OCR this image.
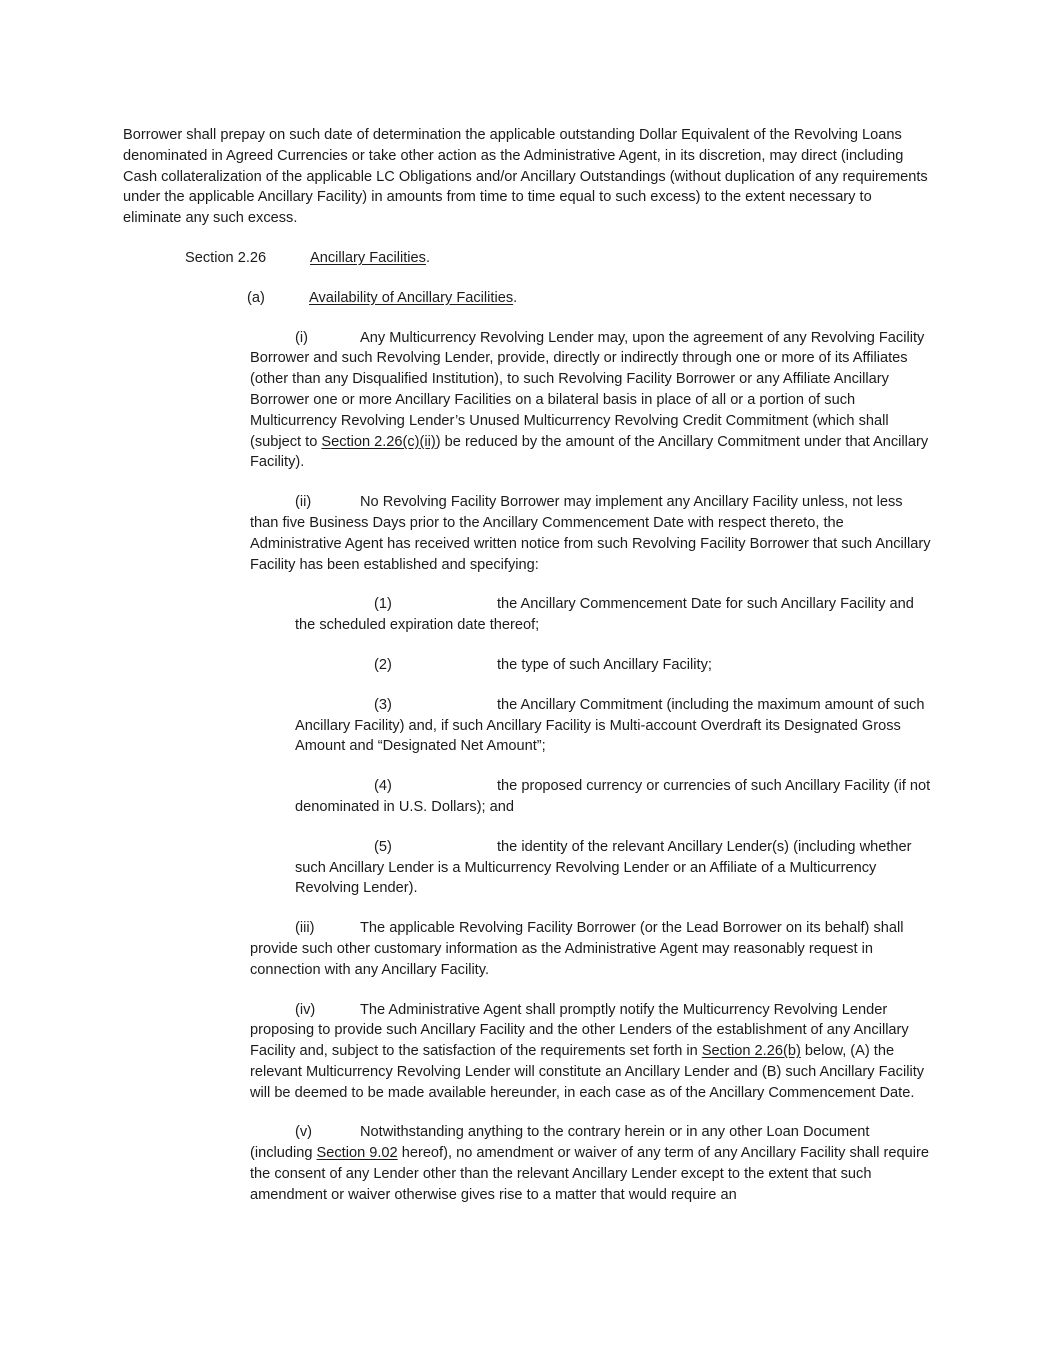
Borrower shall prepay on such date of determination the applicable outstanding Dollar Equivalent of the Revolving Loans denominated in Agreed Currencies or take other action as the Administrative Agent, in its discretion, may direct (including Cash collateralization of the applicable LC Obligations and/or Ancillary Outstandings (without duplication of any requirements under the applicable Ancillary Facility) in amounts from time to time equal to such excess) to the extent necessary to eliminate any such excess.

Section 2.26	Ancillary Facilities.

(a)	Availability of Ancillary Facilities.

(i)	Any Multicurrency Revolving Lender may, upon the agreement of any Revolving Facility Borrower and such Revolving Lender, provide, directly or indirectly through one or more of its Affiliates (other than any Disqualified Institution), to such Revolving Facility Borrower or any Affiliate Ancillary Borrower one or more Ancillary Facilities on a bilateral basis in place of all or a portion of such Multicurrency Revolving Lender’s Unused Multicurrency Revolving Credit Commitment (which shall (subject to Section 2.26(c)(ii)) be reduced by the amount of the Ancillary Commitment under that Ancillary Facility).

(ii)	No Revolving Facility Borrower may implement any Ancillary Facility unless, not less than five Business Days prior to the Ancillary Commencement Date with respect thereto, the Administrative Agent has received written notice from such Revolving Facility Borrower that such Ancillary Facility has been established and specifying:

(1)	the Ancillary Commencement Date for such Ancillary Facility and the scheduled expiration date thereof;

(2)	the type of such Ancillary Facility;

(3)	the Ancillary Commitment (including the maximum amount of such Ancillary Facility) and, if such Ancillary Facility is Multi-account Overdraft its Designated Gross Amount and “Designated Net Amount”;

(4)	the proposed currency or currencies of such Ancillary Facility (if not denominated in U.S. Dollars); and

(5)	the identity of the relevant Ancillary Lender(s) (including whether such Ancillary Lender is a Multicurrency Revolving Lender or an Affiliate of a Multicurrency Revolving Lender).

(iii)	The applicable Revolving Facility Borrower (or the Lead Borrower on its behalf) shall provide such other customary information as the Administrative Agent may reasonably request in connection with any Ancillary Facility.

(iv)	The Administrative Agent shall promptly notify the Multicurrency Revolving Lender proposing to provide such Ancillary Facility and the other Lenders of the establishment of any Ancillary Facility and, subject to the satisfaction of the requirements set forth in Section 2.26(b) below, (A) the relevant Multicurrency Revolving Lender will constitute an Ancillary Lender and (B) such Ancillary Facility will be deemed to be made available hereunder, in each case as of the Ancillary Commencement Date.

(v)	Notwithstanding anything to the contrary herein or in any other Loan Document (including Section 9.02 hereof), no amendment or waiver of any term of any Ancillary Facility shall require the consent of any Lender other than the relevant Ancillary Lender except to the extent that such amendment or waiver otherwise gives rise to a matter that would require an
